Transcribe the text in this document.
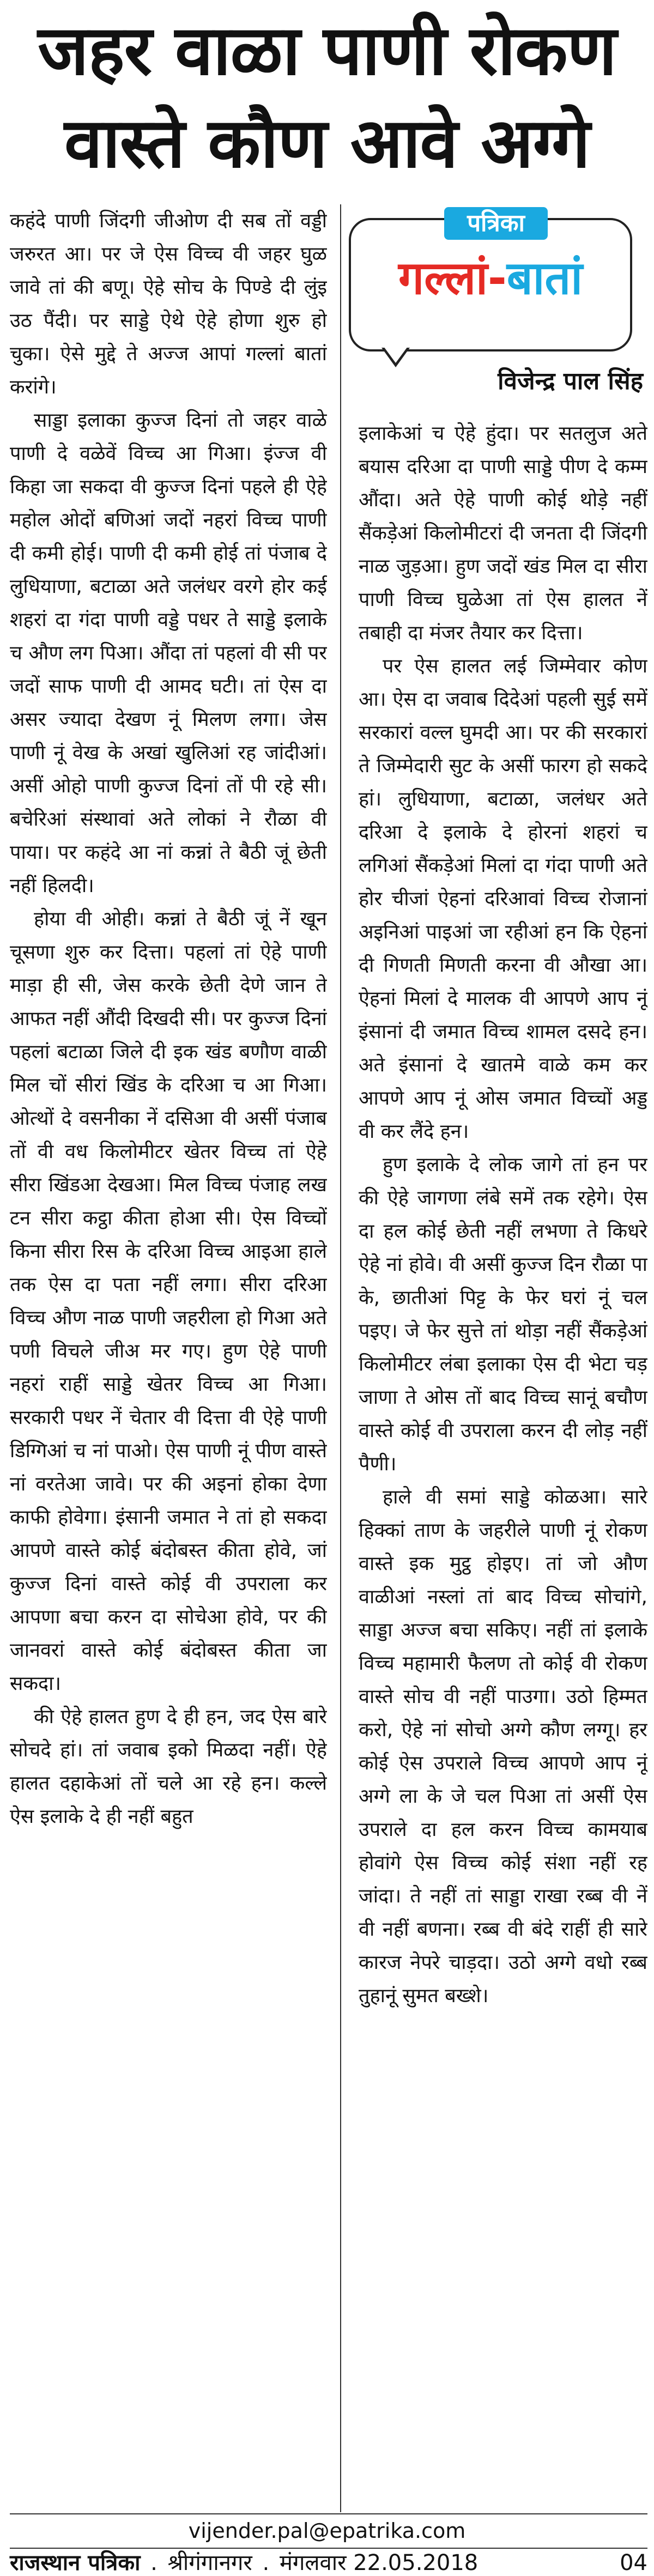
जहर वाळा पाणी रोकण
वास्ते कौण आवे अग्गे

कहंदे पाणी जिंदगी जीओण दी सब तों वड्डी जरुरत आ। पर जे ऐस विच्च वी जहर घुळ जावे तां की बणू। ऐहे सोच के पिण्डे दी लुंइ उठ पैंदी। पर साड्डे ऐथे ऐहे होणा शुरु हो चुका। ऐसे मुद्दे ते अज्ज आपां गल्लां बातां करांगे।

साड्डा इलाका कुज्ज दिनां तो जहर वाळे पाणी दे वळेवें विच्च आ गिआ। इंज्ज वी किहा जा सकदा वी कुज्ज दिनां पहले ही ऐहे महोल ओदों बणिआं जदों नहरां विच्च पाणी दी कमी होई। पाणी दी कमी होई तां पंजाब दे लुधियाणा, बटाळा अते जलंधर वरगे होर कई शहरां दा गंदा पाणी वड्डे पधर ते साड्डे इलाके च औण लग पिआ। औंदा तां पहलां वी सी पर जदों साफ पाणी दी आमद घटी। तां ऐस दा असर ज्यादा देखण नूं मिलण लगा। जेस पाणी नूं वेख के अखां खुलिआं रह जांदीआं। असीं ओहो पाणी कुज्ज दिनां तों पी रहे सी। बचेरिआं संस्थावां अते लोकां ने रौळा वी पाया। पर कहंदे आ नां कन्नां ते बैठी जूं छेती नहीं हिलदी।

होया वी ओही। कन्नां ते बैठी जूं नें खून चूसणा शुरु कर दित्ता। पहलां तां ऐहे पाणी माड़ा ही सी, जेस करके छेती देणे जान ते आफत नहीं औंदी दिखदी सी। पर कुज्ज दिनां पहलां बटाळा जिले दी इक खंड बणौण वाळी मिल चों सीरां खिंड के दरिआ च आ गिआ। ओत्थों दे वसनीका नें दसिआ वी असीं पंजाब तों वी वध किलोमीटर खेतर विच्च तां ऐहे सीरा खिंडआ देखआ। मिल विच्च पंजाह लख टन सीरा कट्ठा कीता होआ सी। ऐस विच्चों किना सीरा रिस के दरिआ विच्च आइआ हाले तक ऐस दा पता नहीं लगा। सीरा दरिआ विच्च औण नाळ पाणी जहरीला हो गिआ अते पणी विचले जीअ मर गए। हुण ऐहे पाणी नहरां राहीं साड्डे खेतर विच्च आ गिआ। सरकारी पधर नें चेतार वी दित्ता वी ऐहे पाणी डिग्गिआं च नां पाओ। ऐस पाणी नूं पीण वास्ते नां वरतेआ जावे। पर की अइनां होका देणा काफी होवेगा। इंसानी जमात ने तां हो सकदा आपणे वास्ते कोई बंदोबस्त कीता होवे, जां कुज्ज दिनां वास्ते कोई वी उपराला कर आपणा बचा करन दा सोचेआ होवे, पर की जानवरां वास्ते कोई बंदोबस्त कीता जा सकदा।

की ऐहे हालत हुण दे ही हन, जद ऐस बारे सोचदे हां। तां जवाब इको मिळदा नहीं। ऐहे हालत दहाकेआं तों चले आ रहे हन। कल्ले ऐस इलाके दे ही नहीं बहुत

पत्रिका
गल्लां-बातां
विजेन्द्र पाल सिंह

इलाकेआं च ऐहे हुंदा। पर सतलुज अते बयास दरिआ दा पाणी साड्डे पीण दे कम्म औंदा। अते ऐहे पाणी कोई थोड़े नहीं सैंकड़ेआं किलोमीटरां दी जनता दी जिंदगी नाळ जुड़आ। हुण जदों खंड मिल दा सीरा पाणी विच्च घुळेआ तां ऐस हालत नें तबाही दा मंजर तैयार कर दित्ता।

पर ऐस हालत लई जिम्मेवार कोण आ। ऐस दा जवाब दिदेआं पहली सुई समें सरकारां वल्ल घुमदी आ। पर की सरकारां ते जिम्मेदारी सुट के असीं फारग हो सकदे हां। लुधियाणा, बटाळा, जलंधर अते दरिआ दे इलाके दे होरनां शहरां च लगिआं सैंकड़ेआं मिलां दा गंदा पाणी अते होर चीजां ऐहनां दरिआवां विच्च रोजानां अइनिआं पाइआं जा रहीआं हन कि ऐहनां दी गिणती मिणती करना वी औखा आ। ऐहनां मिलां दे मालक वी आपणे आप नूं इंसानां दी जमात विच्च शामल दसदे हन। अते इंसानां दे खातमे वाळे कम कर आपणे आप नूं ओस जमात विच्चों अड्ड वी कर लैंदे हन।

हुण इलाके दे लोक जागे तां हन पर की ऐहे जागणा लंबे समें तक रहेगे। ऐस दा हल कोई छेती नहीं लभणा ते किधरे ऐहे नां होवे। वी असीं कुज्ज दिन रौळा पा के, छातीआं पिट्ट के फेर घरां नूं चल पइए। जे फेर सुत्ते तां थोड़ा नहीं सैंकड़ेआं किलोमीटर लंबा इलाका ऐस दी भेटा चड़ जाणा ते ओस तों बाद विच्च सानूं बचौण वास्ते कोई वी उपराला करन दी लोड़ नहीं पैणी।

हाले वी समां साड्डे कोळआ। सारे हिक्कां ताण के जहरीले पाणी नूं रोकण वास्ते इक मुट्ठ होइए। तां जो औण वाळीआं नस्लां तां बाद विच्च सोचांगे, साड्डा अज्ज बचा सकिए। नहीं तां इलाके विच्च महामारी फैलण तो कोई वी रोकण वास्ते सोच वी नहीं पाउगा। उठो हिम्मत करो, ऐहे नां सोचो अग्गे कौण लग्गू। हर कोई ऐस उपराले विच्च आपणे आप नूं अग्गे ला के जे चल पिआ तां असीं ऐस उपराले दा हल करन विच्च कामयाब होवांगे ऐस विच्च कोई संशा नहीं रह जांदा। ते नहीं तां साड्डा राखा रब्ब वी नें वी नहीं बणना। रब्ब वी बंदे राहीं ही सारे कारज नेपरे चाड़दा। उठो अग्गे वधो रब्ब तुहानूं सुमत बख्शे।

vijender.pal@epatrika.com
राजस्थान पत्रिका . श्रीगंगानगर . मंगलवार 22.05.2018	04
